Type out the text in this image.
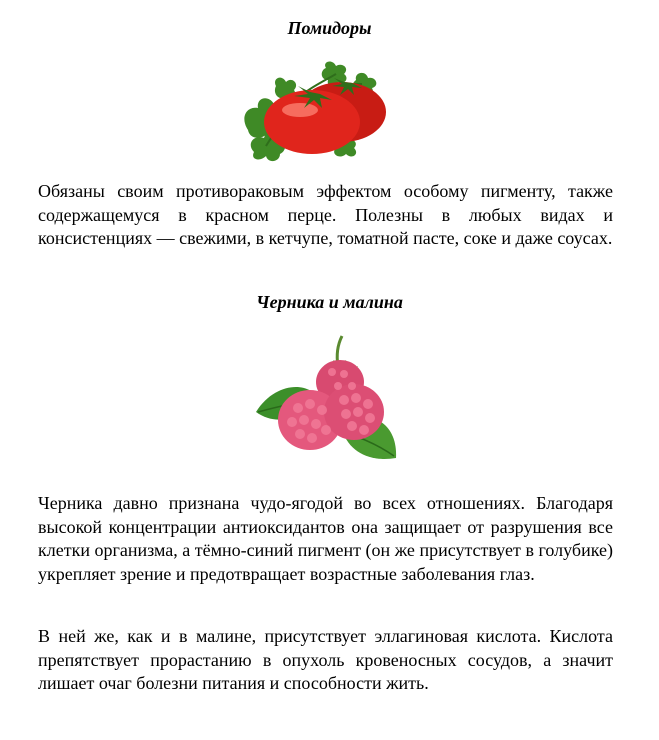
Помидоры

Обязаны своим противораковым эффектом особому пигменту, также содержащемуся в красном перце. Полезны в любых видах и консистенциях — свежими, в кетчупе, томатной пасте, соке и даже соусах.

Черника и малина

Черника давно признана чудо-ягодой во всех отношениях. Благодаря высокой концентрации антиоксидантов она защищает от разрушения все клетки организма, а тёмно-синий пигмент (он же присутствует в голубике) укрепляет зрение и предотвращает возрастные заболевания глаз.

В ней же, как и в малине, присутствует эллагиновая кислота. Кислота препятствует прорастанию в опухоль кровеносных сосудов, а значит лишает очаг болезни питания и способности жить.
